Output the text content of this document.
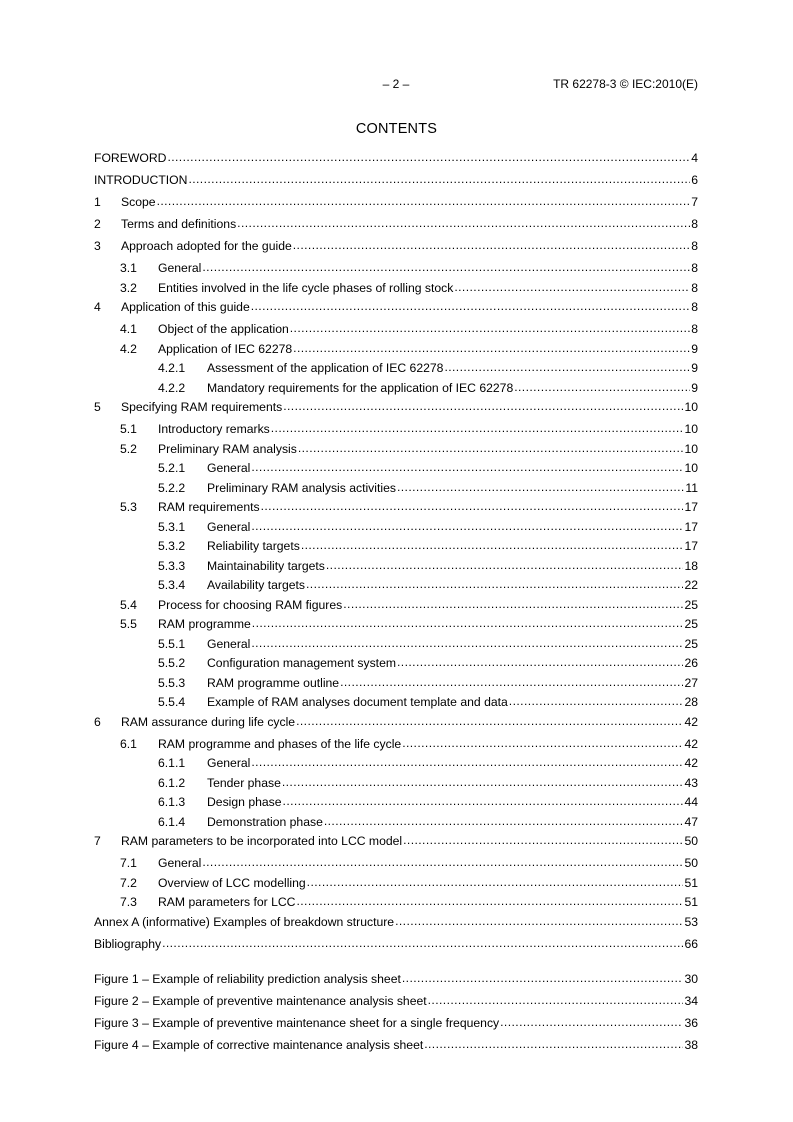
– 2 –	TR 62278-3 © IEC:2010(E)
CONTENTS
FOREWORD .....	4
INTRODUCTION .....	6
1	Scope .....	7
2	Terms and definitions .....	8
3	Approach adopted for the guide .....	8
3.1	General .....	8
3.2	Entities involved in the life cycle phases of rolling stock .....	8
4	Application of this guide .....	8
4.1	Object of the application .....	8
4.2	Application of IEC 62278 .....	9
4.2.1	Assessment of the application of IEC 62278 .....	9
4.2.2	Mandatory requirements for the application of IEC 62278 .....	9
5	Specifying RAM requirements .....	10
5.1	Introductory remarks .....	10
5.2	Preliminary RAM analysis .....	10
5.2.1	General .....	10
5.2.2	Preliminary RAM analysis activities .....	11
5.3	RAM requirements .....	17
5.3.1	General .....	17
5.3.2	Reliability targets .....	17
5.3.3	Maintainability targets .....	18
5.3.4	Availability targets .....	22
5.4	Process for choosing RAM figures .....	25
5.5	RAM programme .....	25
5.5.1	General .....	25
5.5.2	Configuration management system .....	26
5.5.3	RAM programme outline .....	27
5.5.4	Example of RAM analyses document template and data .....	28
6	RAM assurance during life cycle .....	42
6.1	RAM programme and phases of the life cycle .....	42
6.1.1	General .....	42
6.1.2	Tender phase .....	43
6.1.3	Design phase .....	44
6.1.4	Demonstration phase .....	47
7	RAM parameters to be incorporated into LCC model .....	50
7.1	General .....	50
7.2	Overview of LCC modelling .....	51
7.3	RAM parameters for LCC .....	51
Annex A (informative) Examples of breakdown structure .....	53
Bibliography .....	66
Figure 1 – Example of reliability prediction analysis sheet .....	30
Figure 2 – Example of preventive maintenance analysis sheet .....	34
Figure 3 – Example of preventive maintenance sheet for a single frequency .....	36
Figure 4 – Example of corrective maintenance analysis sheet .....	38
